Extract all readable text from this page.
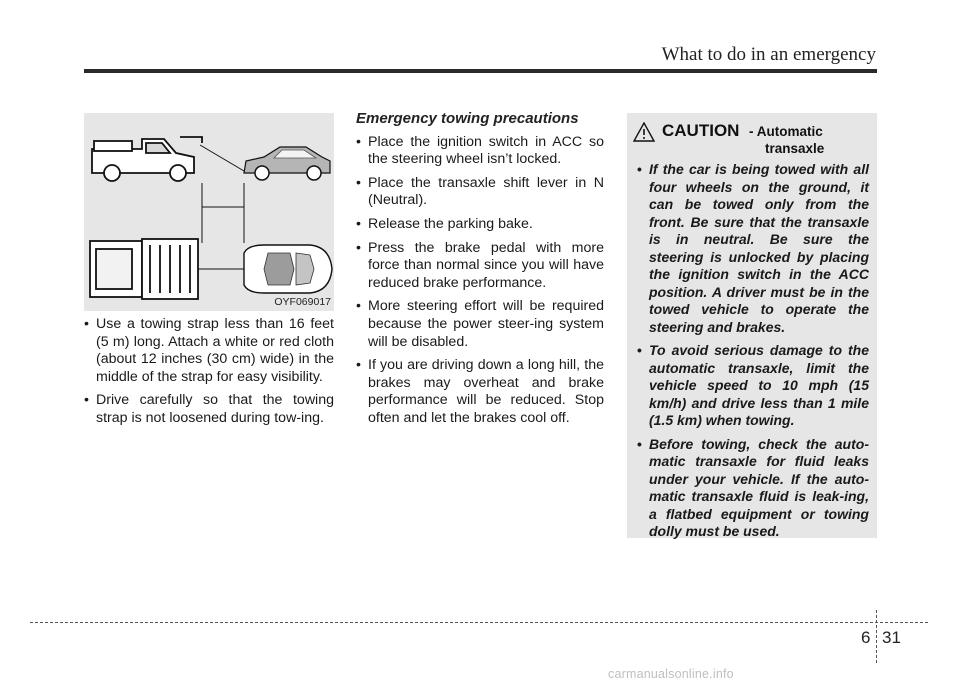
What to do in an emergency
OYF069017
• Use a towing strap less than 16 feet (5 m) long. Attach a white or red cloth (about 12 inches (30 cm) wide) in the middle of the strap for easy visibility.
• Drive carefully so that the towing strap is not loosened during tow-ing.
Emergency towing precautions
• Place the ignition switch in ACC so the steering wheel isn’t locked.
• Place the transaxle shift lever in N (Neutral).
• Release the parking bake.
• Press the brake pedal with more force than normal since you will have reduced brake performance.
• More steering effort will be required because the power steer-ing system will be disabled.
• If you are driving down a long hill, the brakes may overheat and brake performance will be reduced. Stop often and let the brakes cool off.
CAUTION - Automatic
transaxle
• If the car is being towed with all four wheels on the ground, it can be towed only from the front. Be sure that the transaxle is in neutral. Be sure the steering is unlocked by placing the ignition switch in the ACC position. A driver must be in the towed vehicle to operate the steering and brakes.
• To avoid serious damage to the automatic transaxle, limit the vehicle speed to 10 mph (15 km/h) and drive less than 1 mile (1.5 km) when towing.
• Before towing, check the auto-matic transaxle for fluid leaks under your vehicle. If the auto-matic transaxle fluid is leak-ing, a flatbed equipment or towing dolly must be used.
6 31
carmanualsonline.info
